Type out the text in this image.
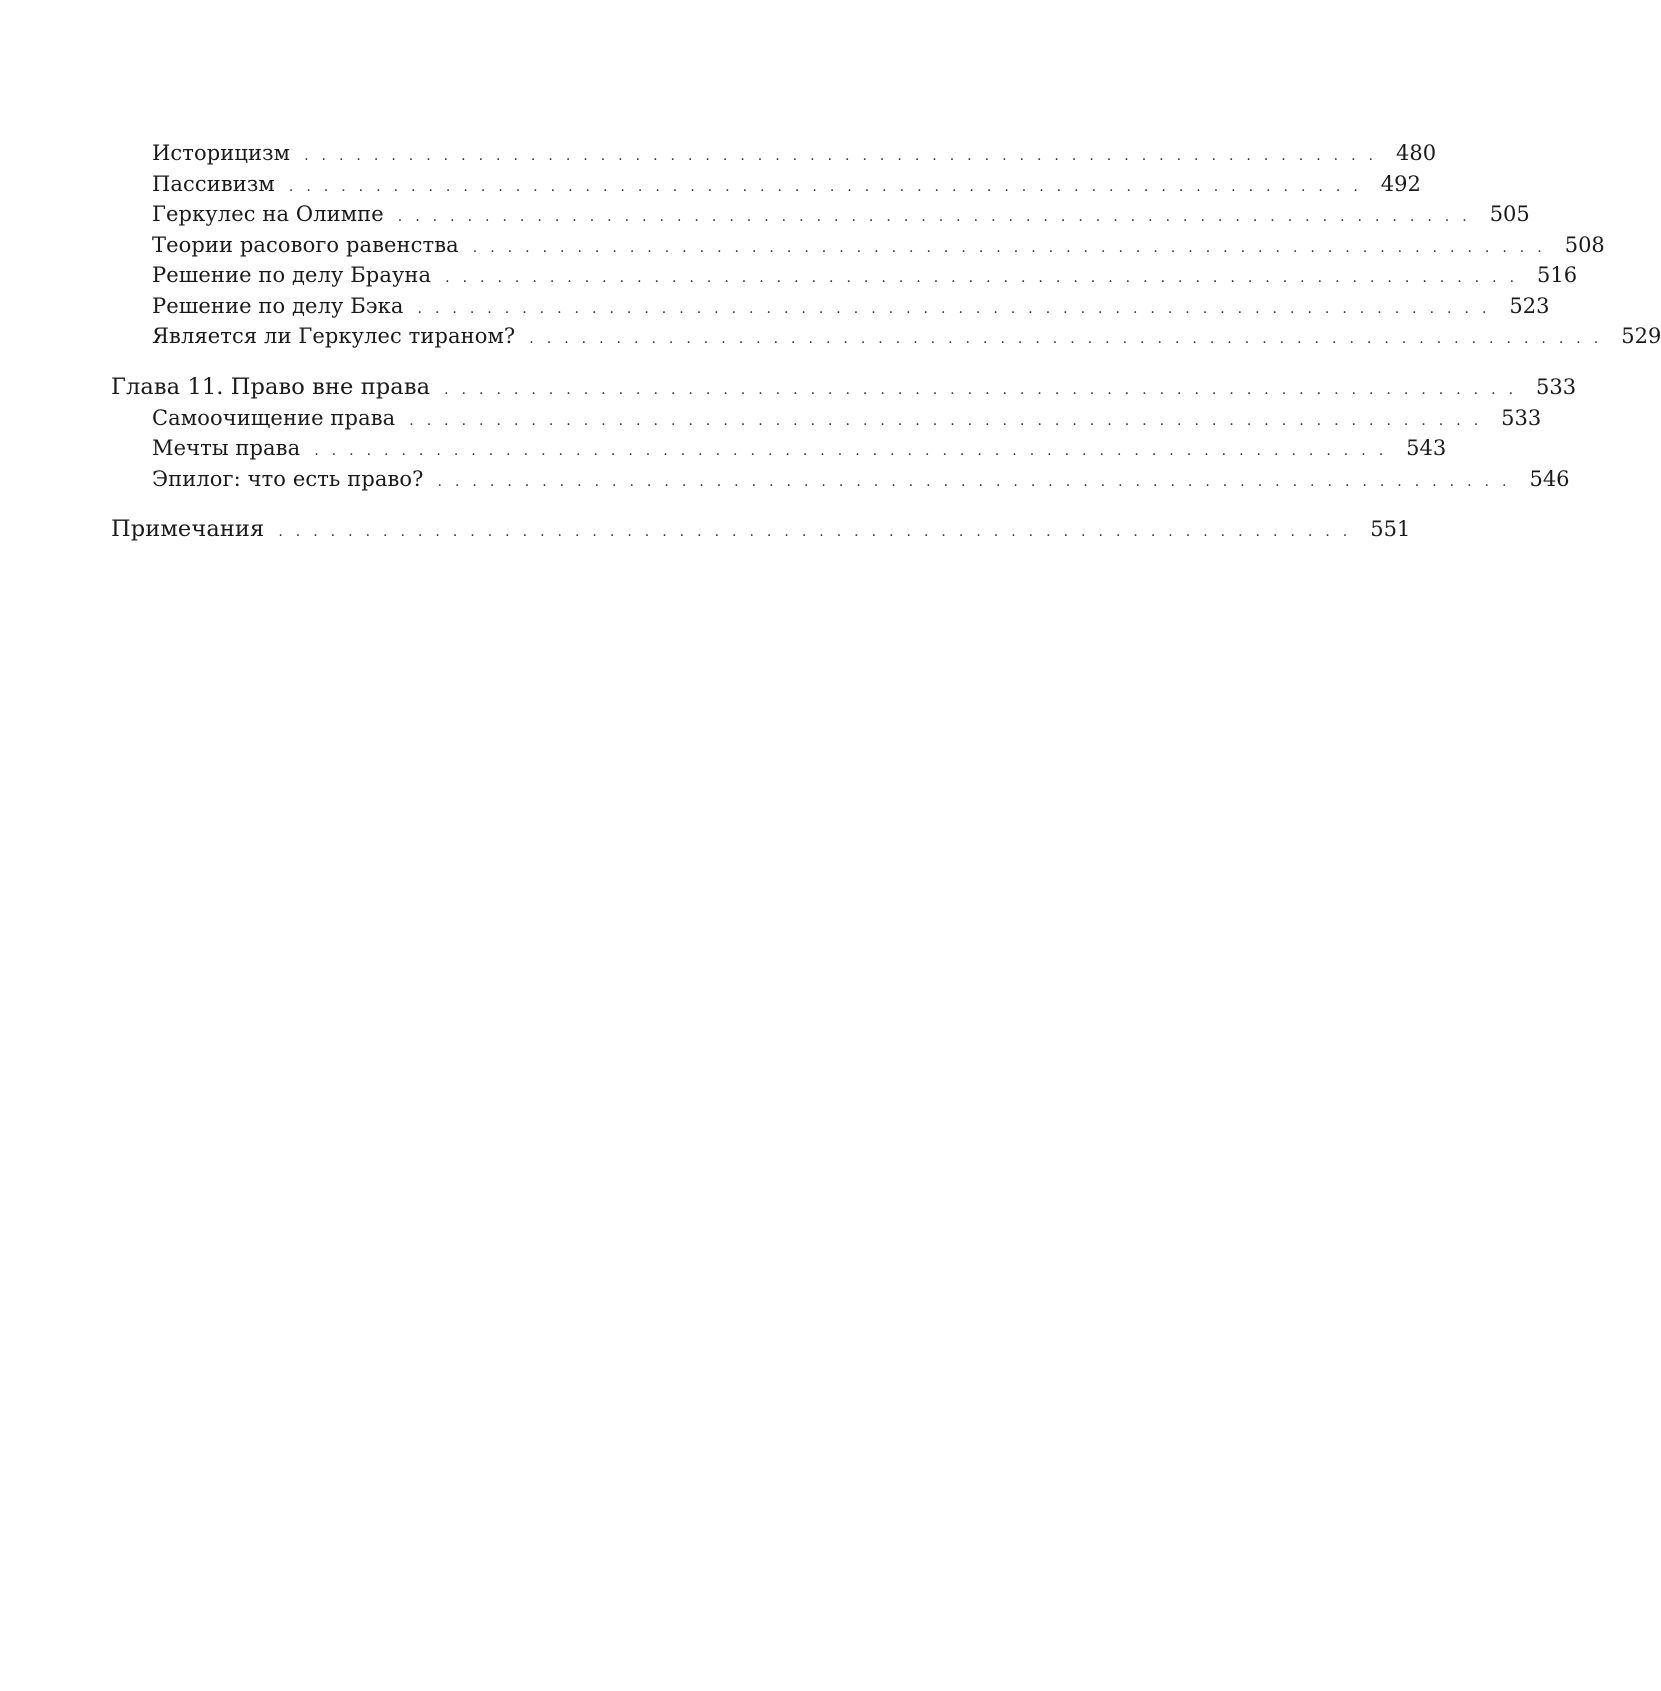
Историцизм .............................................................. 480
Пассивизм .............................................................. 492
Геркулес на Олимпе .............................................................. 505
Теории расового равенства .............................................................. 508
Решение по делу Брауна .............................................................. 516
Решение по делу Бэка .............................................................. 523
Является ли Геркулес тираном? .............................................................. 529
Глава 11. Право вне права .............................................................. 533
Самоочищение права .............................................................. 533
Мечты права .............................................................. 543
Эпилог: что есть право? .............................................................. 546
Примечания .............................................................. 551
